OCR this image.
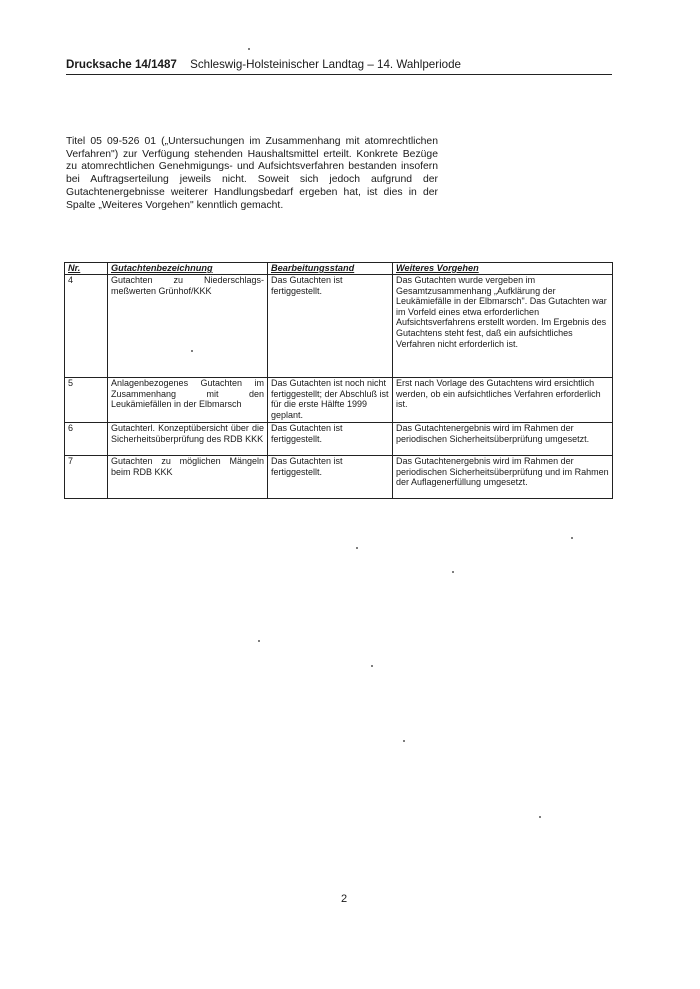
Drucksache 14/1487 Schleswig-Holsteinischer Landtag – 14. Wahlperiode

Titel 05 09-526 01 („Untersuchungen im Zusammenhang mit atomrechtlichen Verfahren") zur Verfügung stehenden Haushaltsmittel erteilt. Konkrete Bezüge zu atomrechtlichen Genehmigungs- und Aufsichtsverfahren bestanden insofern bei Auftragserteilung jeweils nicht. Soweit sich jedoch aufgrund der Gutachtenergebnisse weiterer Handlungsbedarf ergeben hat, ist dies in der Spalte „Weiteres Vorgehen" kenntlich gemacht.

Nr.	Gutachtenbezeichnung	Bearbeitungsstand	Weiteres Vorgehen
4	Gutachten zu Niederschlags-meßwerten Grünhof/KKK	Das Gutachten ist fertiggestellt.	Das Gutachten wurde vergeben im Gesamtzusammenhang „Aufklärung der Leukämiefälle in der Elbmarsch". Das Gutachten war im Vorfeld eines etwa erforderlichen Aufsichtsverfahrens erstellt worden. Im Ergebnis des Gutachtens steht fest, daß ein aufsichtliches Verfahren nicht erforderlich ist.
5	Anlagenbezogenes Gutachten im Zusammenhang mit den Leukämiefällen in der Elbmarsch	Das Gutachten ist noch nicht fertiggestellt; der Abschluß ist für die erste Hälfte 1999 geplant.	Erst nach Vorlage des Gutachtens wird ersichtlich werden, ob ein aufsichtliches Verfahren erforderlich ist.
6	Gutachterl. Konzeptübersicht über die Sicherheitsüberprüfung des RDB KKK	Das Gutachten ist fertiggestellt.	Das Gutachtenergebnis wird im Rahmen der periodischen Sicherheitsüberprüfung umgesetzt.
7	Gutachten zu möglichen Mängeln beim RDB KKK	Das Gutachten ist fertiggestellt.	Das Gutachtenergebnis wird im Rahmen der periodischen Sicherheitsüberprüfung und im Rahmen der Auflagenerfüllung umgesetzt.
2
